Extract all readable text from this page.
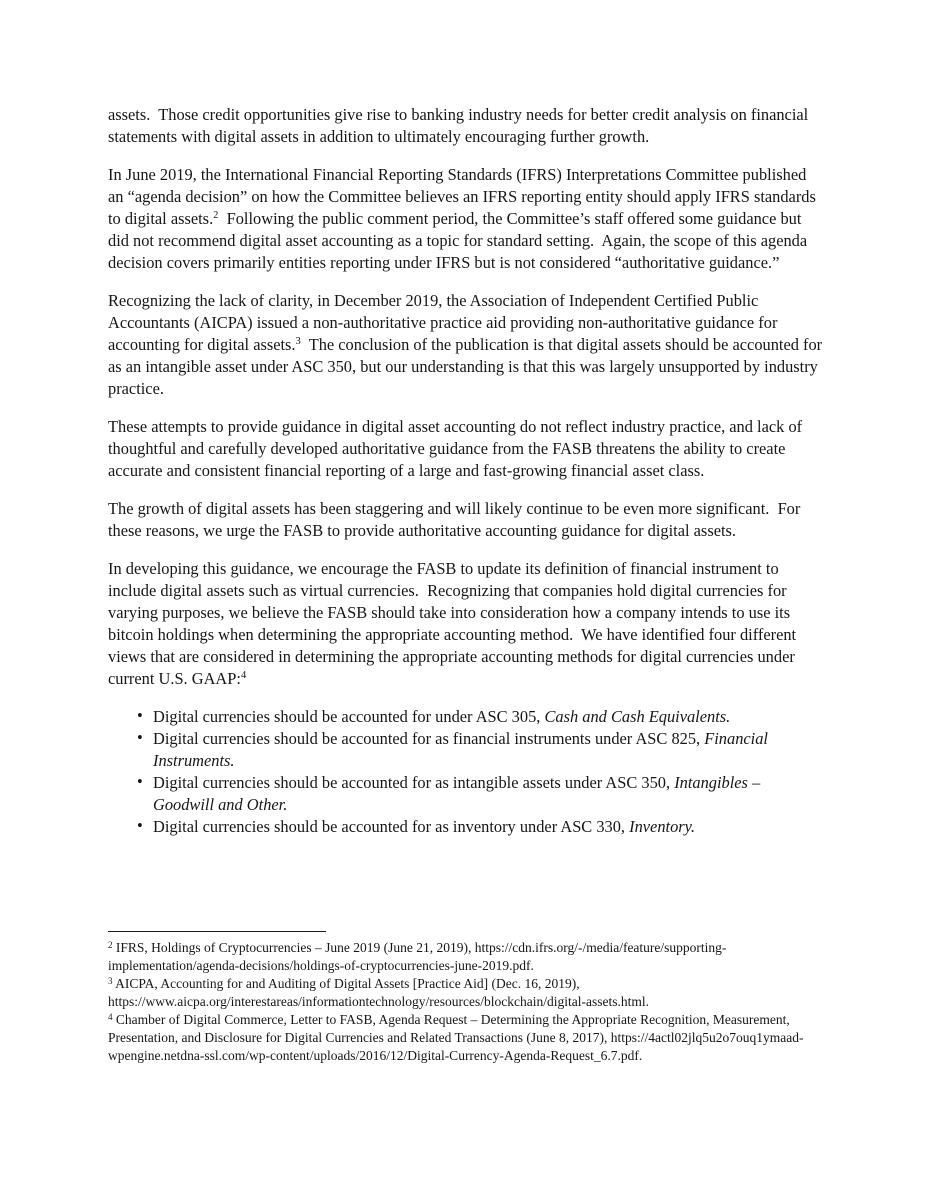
assets.  Those credit opportunities give rise to banking industry needs for better credit analysis on financial statements with digital assets in addition to ultimately encouraging further growth.

In June 2019, the International Financial Reporting Standards (IFRS) Interpretations Committee published an “agenda decision” on how the Committee believes an IFRS reporting entity should apply IFRS standards to digital assets.$^2$  Following the public comment period, the Committee’s staff offered some guidance but did not recommend digital asset accounting as a topic for standard setting.  Again, the scope of this agenda decision covers primarily entities reporting under IFRS but is not considered “authoritative guidance.”

Recognizing the lack of clarity, in December 2019, the Association of Independent Certified Public Accountants (AICPA) issued a non-authoritative practice aid providing non-authoritative guidance for accounting for digital assets.$^3$  The conclusion of the publication is that digital assets should be accounted for as an intangible asset under ASC 350, but our understanding is that this was largely unsupported by industry practice.

These attempts to provide guidance in digital asset accounting do not reflect industry practice, and lack of thoughtful and carefully developed authoritative guidance from the FASB threatens the ability to create accurate and consistent financial reporting of a large and fast-growing financial asset class.

The growth of digital assets has been staggering and will likely continue to be even more significant.  For these reasons, we urge the FASB to provide authoritative accounting guidance for digital assets.

In developing this guidance, we encourage the FASB to update its definition of financial instrument to include digital assets such as virtual currencies.  Recognizing that companies hold digital currencies for varying purposes, we believe the FASB should take into consideration how a company intends to use its bitcoin holdings when determining the appropriate accounting method.  We have identified four different views that are considered in determining the appropriate accounting methods for digital currencies under current U.S. GAAP:$^4$

• Digital currencies should be accounted for under ASC 305, Cash and Cash Equivalents.
• Digital currencies should be accounted for as financial instruments under ASC 825, Financial Instruments.
• Digital currencies should be accounted for as intangible assets under ASC 350, Intangibles – Goodwill and Other.
• Digital currencies should be accounted for as inventory under ASC 330, Inventory.

$^2$ IFRS, Holdings of Cryptocurrencies – June 2019 (June 21, 2019), https://cdn.ifrs.org/-/media/feature/supporting-implementation/agenda-decisions/holdings-of-cryptocurrencies-june-2019.pdf.

$^3$ AICPA, Accounting for and Auditing of Digital Assets [Practice Aid] (Dec. 16, 2019), https://www.aicpa.org/interestareas/informationtechnology/resources/blockchain/digital-assets.html.

$^4$ Chamber of Digital Commerce, Letter to FASB, Agenda Request – Determining the Appropriate Recognition, Measurement, Presentation, and Disclosure for Digital Currencies and Related Transactions (June 8, 2017), https://4actl02jlq5u2o7ouq1ymaad-wpengine.netdna-ssl.com/wp-content/uploads/2016/12/Digital-Currency-Agenda-Request_6.7.pdf.
